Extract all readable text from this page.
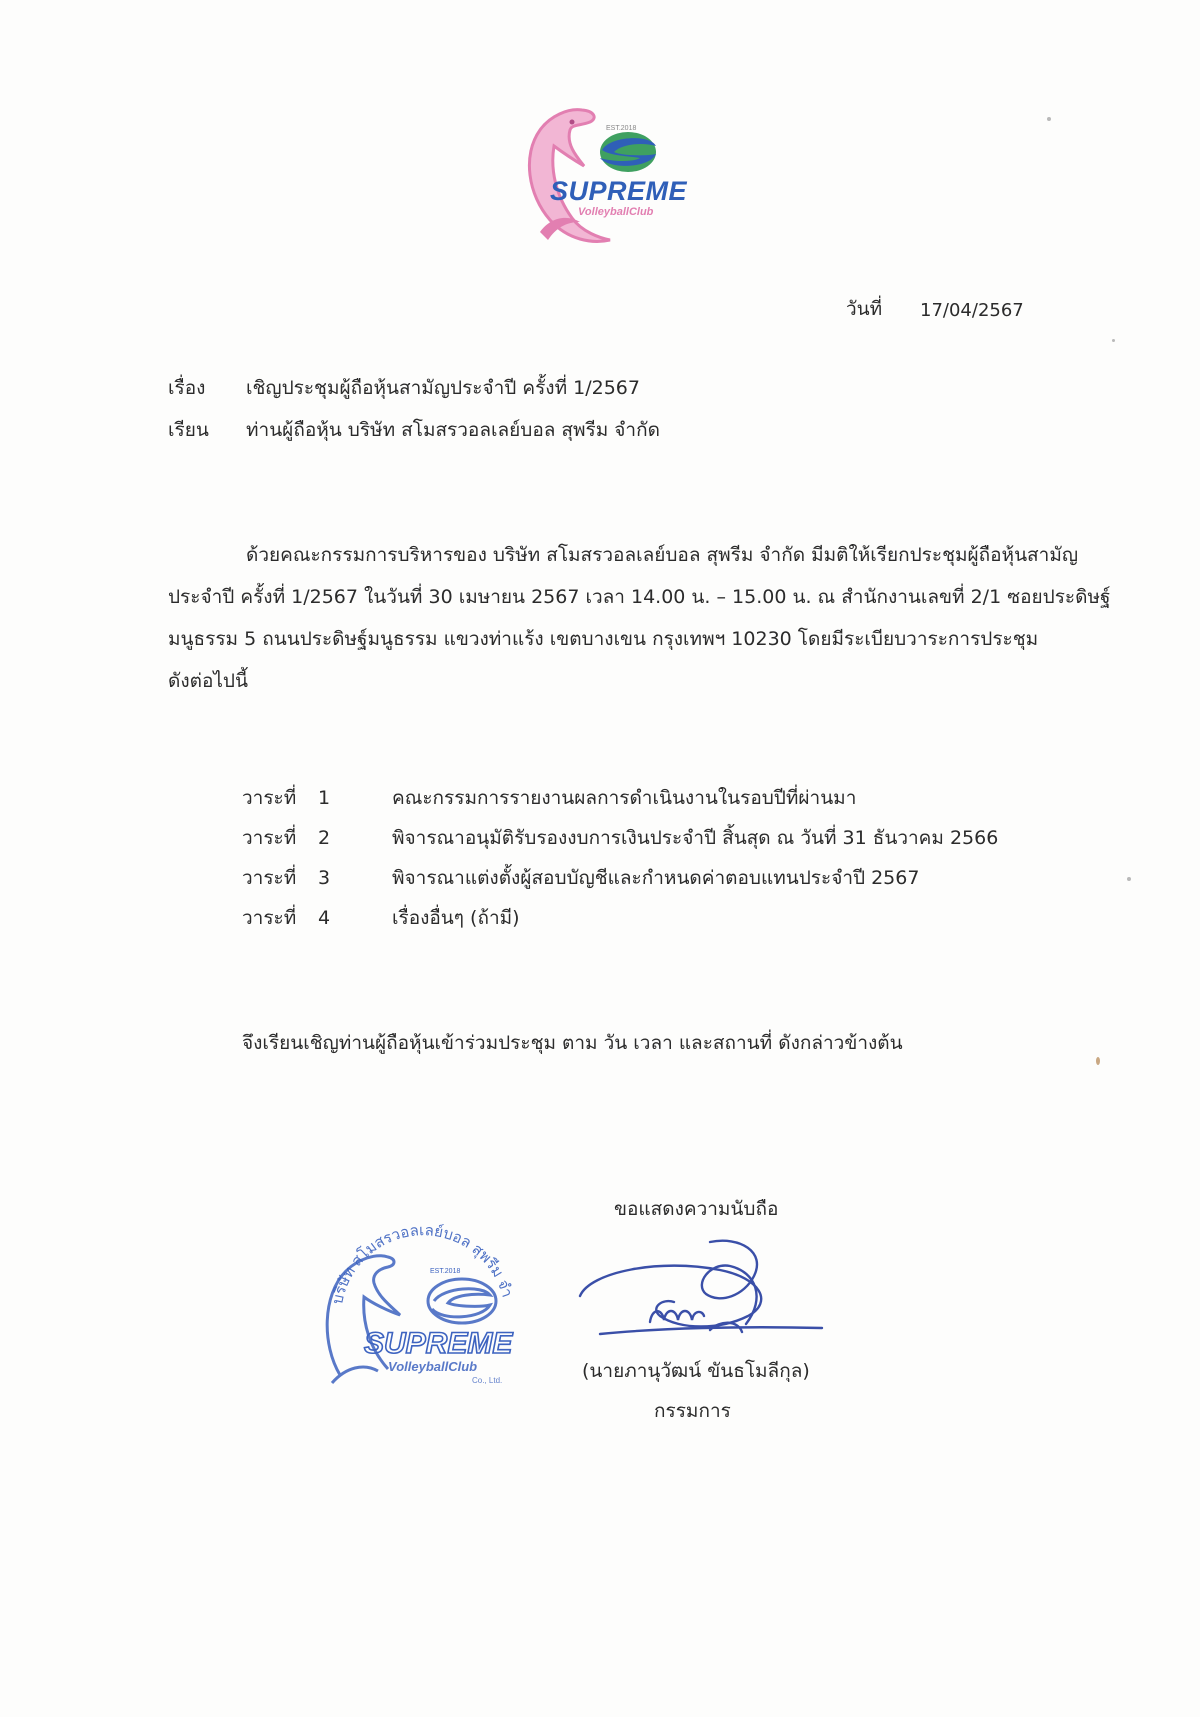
EST.2018
SUPREME
VolleyballClub
วันที่ 17/04/2567
เรื่อง เชิญประชุมผู้ถือหุ้นสามัญประจำปี ครั้งที่ 1/2567
เรียน ท่านผู้ถือหุ้น บริษัท สโมสรวอลเลย์บอล สุพรีม จำกัด
ด้วยคณะกรรมการบริหารของ บริษัท สโมสรวอลเลย์บอล สุพรีม จำกัด มีมติให้เรียกประชุมผู้ถือหุ้นสามัญ
ประจำปี ครั้งที่ 1/2567 ในวันที่ 30 เมษายน 2567 เวลา 14.00 น. – 15.00 น. ณ สำนักงานเลขที่ 2/1 ซอยประดิษฐ์
มนูธรรม 5 ถนนประดิษฐ์มนูธรรม แขวงท่าแร้ง เขตบางเขน กรุงเทพฯ 10230 โดยมีระเบียบวาระการประชุม
ดังต่อไปนี้
วาระที่ 1	คณะกรรมการรายงานผลการดำเนินงานในรอบปีที่ผ่านมา
วาระที่ 2	พิจารณาอนุมัติรับรองงบการเงินประจำปี สิ้นสุด ณ วันที่ 31 ธันวาคม 2566
วาระที่ 3	พิจารณาแต่งตั้งผู้สอบบัญชีและกำหนดค่าตอบแทนประจำปี 2567
วาระที่ 4	เรื่องอื่นๆ (ถ้ามี)
จึงเรียนเชิญท่านผู้ถือหุ้นเข้าร่วมประชุม ตาม วัน เวลา และสถานที่ ดังกล่าวข้างต้น
บริษัท สโมสรวอลเลย์บอล สุพรีม จำ
EST.2018
SUPREME
VolleyballClub
Co., Ltd.
ขอแสดงความนับถือ
(นายภานุวัฒน์ ขันธโมลีกุล)
กรรมการ
